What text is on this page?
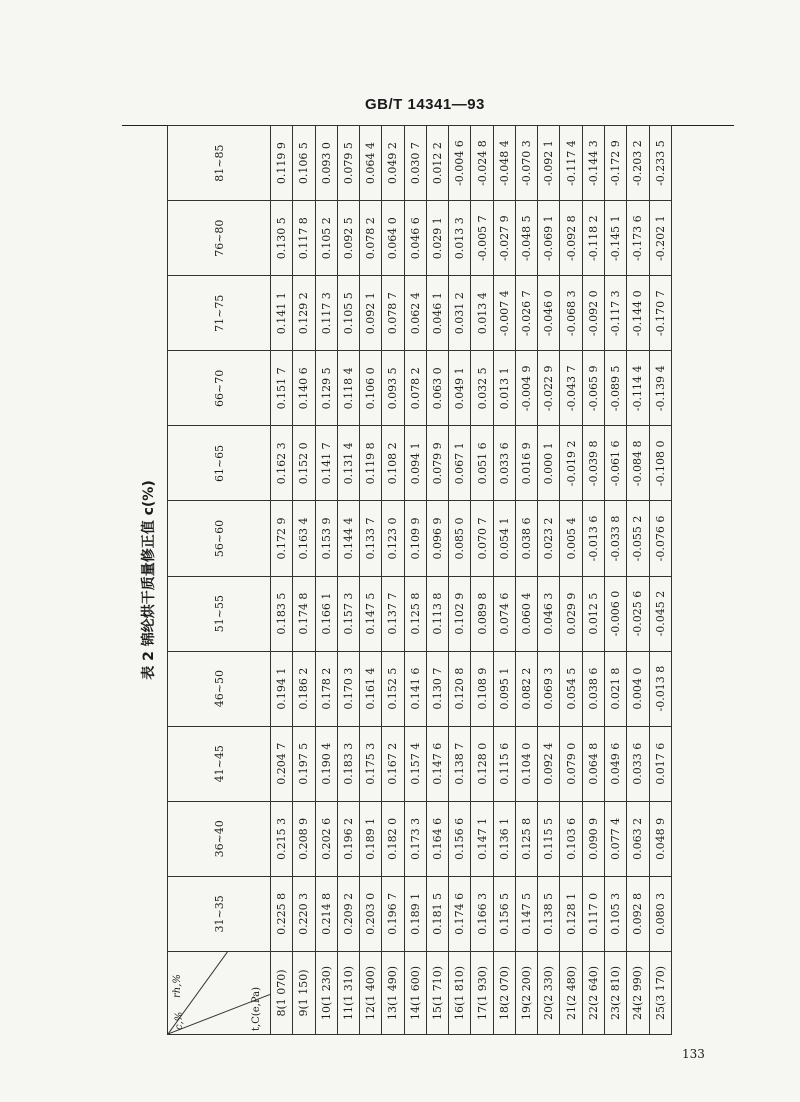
GB/T 14341—93
表 2 锦纶烘干质量修正值 c(%)
rh,%
c,% t,C(e,Pa)	31~35	36~40	41~45	46~50	51~55	56~60	61~65	66~70	71~75	76~80	81~85
8(1 070)	0.225 8	0.215 3	0.204 7	0.194 1	0.183 5	0.172 9	0.162 3	0.151 7	0.141 1	0.130 5	0.119 9
9(1 150)	0.220 3	0.208 9	0.197 5	0.186 2	0.174 8	0.163 4	0.152 0	0.140 6	0.129 2	0.117 8	0.106 5
10(1 230)	0.214 8	0.202 6	0.190 4	0.178 2	0.166 1	0.153 9	0.141 7	0.129 5	0.117 3	0.105 2	0.093 0
11(1 310)	0.209 2	0.196 2	0.183 3	0.170 3	0.157 3	0.144 4	0.131 4	0.118 4	0.105 5	0.092 5	0.079 5
12(1 400)	0.203 0	0.189 1	0.175 3	0.161 4	0.147 5	0.133 7	0.119 8	0.106 0	0.092 1	0.078 2	0.064 4
13(1 490)	0.196 7	0.182 0	0.167 2	0.152 5	0.137 7	0.123 0	0.108 2	0.093 5	0.078 7	0.064 0	0.049 2
14(1 600)	0.189 1	0.173 3	0.157 4	0.141 6	0.125 8	0.109 9	0.094 1	0.078 2	0.062 4	0.046 6	0.030 7
15(1 710)	0.181 5	0.164 6	0.147 6	0.130 7	0.113 8	0.096 9	0.079 9	0.063 0	0.046 1	0.029 1	0.012 2
16(1 810)	0.174 6	0.156 6	0.138 7	0.120 8	0.102 9	0.085 0	0.067 1	0.049 1	0.031 2	0.013 3	-0.004 6
17(1 930)	0.166 3	0.147 1	0.128 0	0.108 9	0.089 8	0.070 7	0.051 6	0.032 5	0.013 4	-0.005 7	-0.024 8
18(2 070)	0.156 5	0.136 1	0.115 6	0.095 1	0.074 6	0.054 1	0.033 6	0.013 1	-0.007 4	-0.027 9	-0.048 4
19(2 200)	0.147 5	0.125 8	0.104 0	0.082 2	0.060 4	0.038 6	0.016 9	-0.004 9	-0.026 7	-0.048 5	-0.070 3
20(2 330)	0.138 5	0.115 5	0.092 4	0.069 3	0.046 3	0.023 2	0.000 1	-0.022 9	-0.046 0	-0.069 1	-0.092 1
21(2 480)	0.128 1	0.103 6	0.079 0	0.054 5	0.029 9	0.005 4	-0.019 2	-0.043 7	-0.068 3	-0.092 8	-0.117 4
22(2 640)	0.117 0	0.090 9	0.064 8	0.038 6	0.012 5	-0.013 6	-0.039 8	-0.065 9	-0.092 0	-0.118 2	-0.144 3
23(2 810)	0.105 3	0.077 4	0.049 6	0.021 8	-0.006 0	-0.033 8	-0.061 6	-0.089 5	-0.117 3	-0.145 1	-0.172 9
24(2 990)	0.092 8	0.063 2	0.033 6	0.004 0	-0.025 6	-0.055 2	-0.084 8	-0.114 4	-0.144 0	-0.173 6	-0.203 2
25(3 170)	0.080 3	0.048 9	0.017 6	-0.013 8	-0.045 2	-0.076 6	-0.108 0	-0.139 4	-0.170 7	-0.202 1	-0.233 5
133
